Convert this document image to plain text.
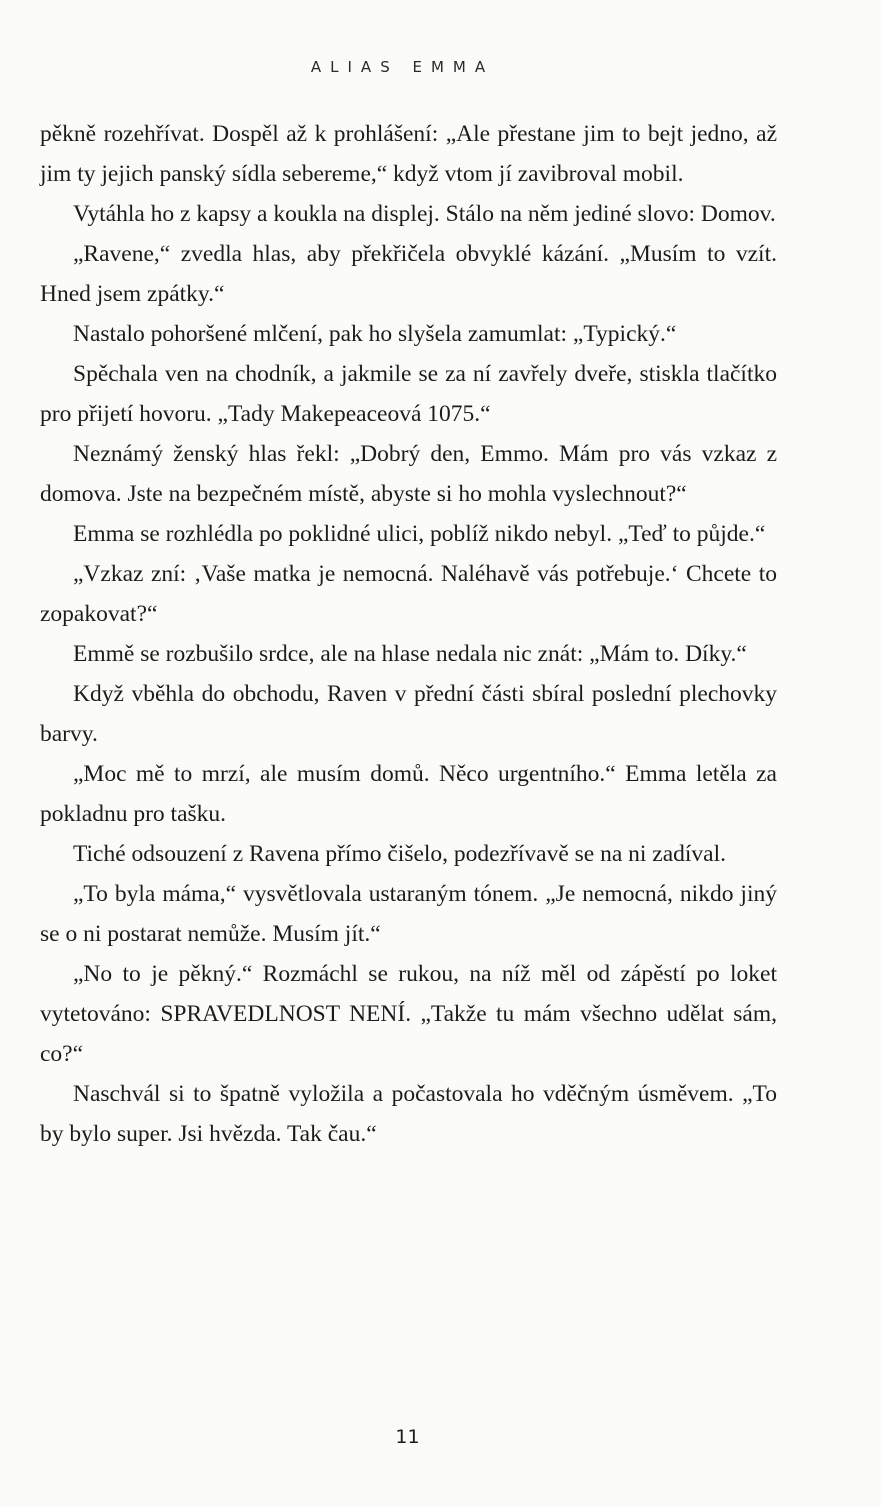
ALIAS EMMA

pěkně rozehřívat. Dospěl až k prohlášení: „Ale přestane jim to bejt jedno, až jim ty jejich panský sídla sebereme,“ když vtom jí zavibroval mobil.

Vytáhla ho z kapsy a koukla na displej. Stálo na něm jediné slovo: Domov.

„Ravene,“ zvedla hlas, aby překřičela obvyklé kázání. „Musím to vzít. Hned jsem zpátky.“

Nastalo pohoršené mlčení, pak ho slyšela zamumlat: „Typický.“

Spěchala ven na chodník, a jakmile se za ní zavřely dveře, stiskla tlačítko pro přijetí hovoru. „Tady Makepeaceová 1075.“

Neznámý ženský hlas řekl: „Dobrý den, Emmo. Mám pro vás vzkaz z domova. Jste na bezpečném místě, abyste si ho mohla vyslechnout?“

Emma se rozhlédla po poklidné ulici, poblíž nikdo nebyl. „Teď to půjde.“

„Vzkaz zní: ‚Vaše matka je nemocná. Naléhavě vás potřebuje.‘ Chcete to zopakovat?“

Emmě se rozbušilo srdce, ale na hlase nedala nic znát: „Mám to. Díky.“

Když vběhla do obchodu, Raven v přední části sbíral poslední plechovky barvy.

„Moc mě to mrzí, ale musím domů. Něco urgentního.“ Emma letěla za pokladnu pro tašku.

Tiché odsouzení z Ravena přímo čišelo, podezřívavě se na ni zadíval.

„To byla máma,“ vysvětlovala ustaraným tónem. „Je nemocná, nikdo jiný se o ni postarat nemůže. Musím jít.“

„No to je pěkný.“ Rozmáchl se rukou, na níž měl od zápěstí po loket vytetováno: SPRAVEDLNOST NENÍ. „Takže tu mám všechno udělat sám, co?“

Naschvál si to špatně vyložila a počastovala ho vděčným úsměvem. „To by bylo super. Jsi hvězda. Tak čau.“

11
